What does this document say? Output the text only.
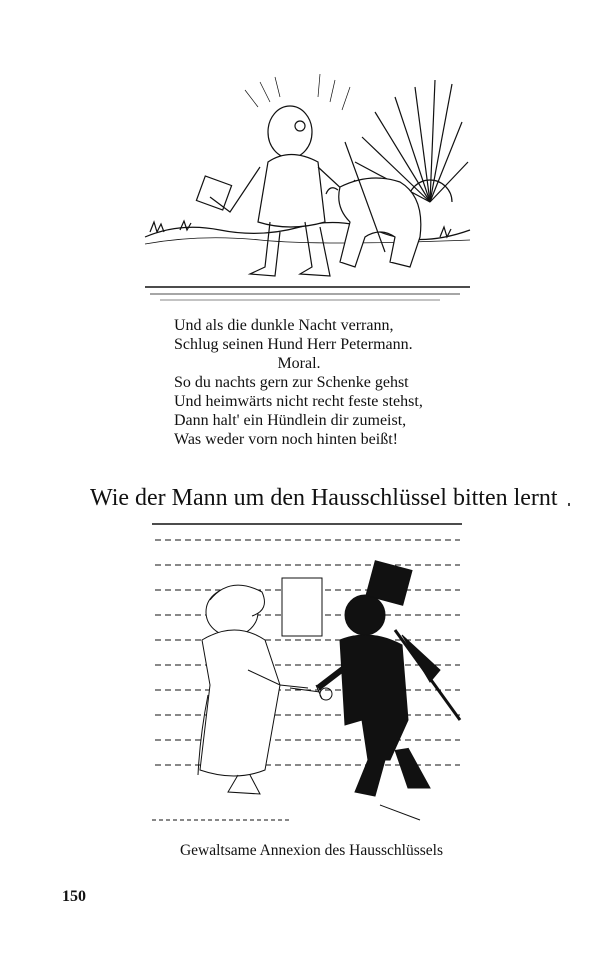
Und als die dunkle Nacht verrann,
Schlug seinen Hund Herr Petermann.
Moral.
So du nachts gern zur Schenke gehst
Und heimwärts nicht recht feste stehst,
Dann halt' ein Hündlein dir zumeist,
Was weder vorn noch hinten beißt!
Wie der Mann um den Hausschlüssel bitten lernt
Gewaltsame Annexion des Hausschlüssels
150
